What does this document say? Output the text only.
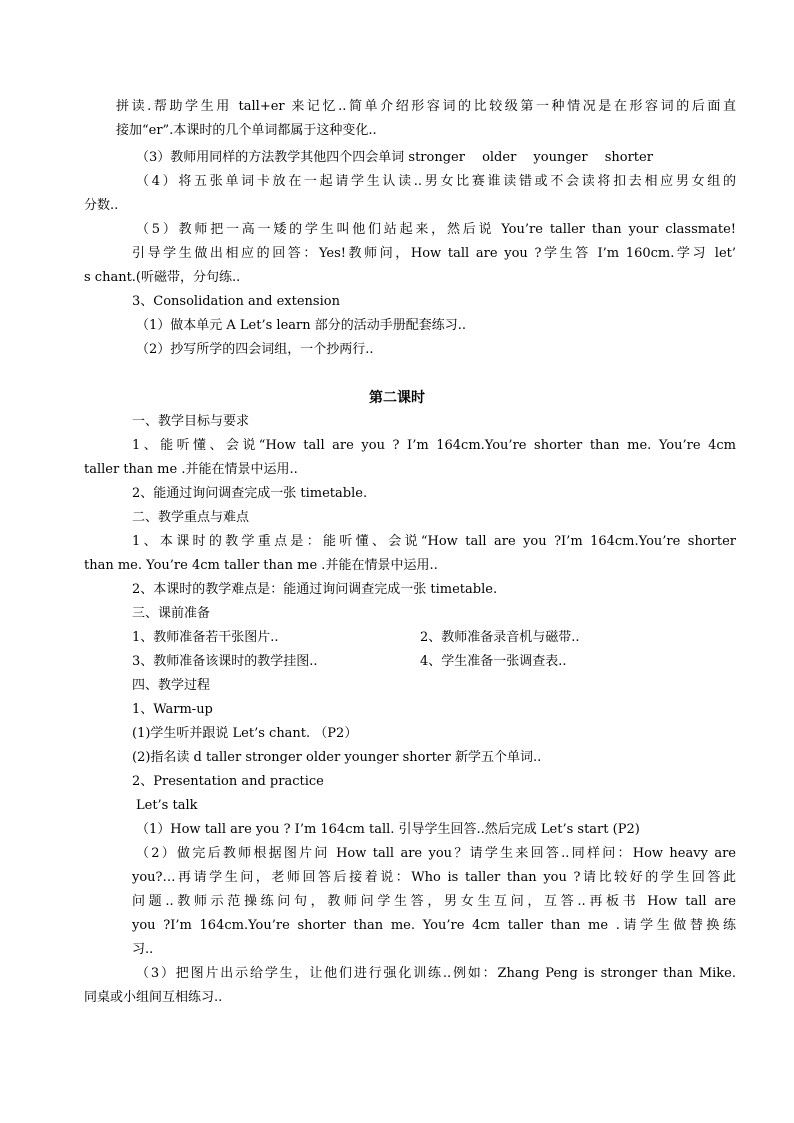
拼读.帮助学生用 tall+er 来记忆..简单介绍形容词的比较级第一种情况是在形容词的后面直
接加“er”.本课时的几个单词都属于这种变化..
（3）教师用同样的方法教学其他四个四会单词 stronger　 older　 younger　 shorter
（4）将五张单词卡放在一起请学生认读..男女比赛谁读错或不会读将扣去相应男女组的
分数..
（5）教师把一高一矮的学生叫他们站起来，然后说 You’re taller than your classmate!
引导学生做出相应的回答：Yes!教师问，How tall are you ?学生答 I’m 160cm.学习 let’
s chant.(听磁带，分句练..
3、Consolidation and extension
（1）做本单元 A Let’s learn 部分的活动手册配套练习..
（2）抄写所学的四会词组，一个抄两行..
第二课时
一、教学目标与要求
1、能听懂、会说“How tall are you ? I’m 164cm.You’re shorter than me. You’re 4cm
taller than me .并能在情景中运用..
2、能通过询问调查完成一张 timetable.
二、教学重点与难点
1、本课时的教学重点是：能听懂、会说“How tall are you ?I’m 164cm.You’re shorter
than me. You’re 4cm taller than me .并能在情景中运用..
2、本课时的教学难点是：能通过询问调查完成一张 timetable.
三、课前准备
1、教师准备若干张图片..	2、教师准备录音机与磁带..
3、教师准备该课时的教学挂图..	4、学生准备一张调查表..
四、教学过程
1、Warm-up
(1)学生听并跟说 Let’s chant. （P2）
(2)指名读 d taller stronger older younger shorter 新学五个单词..
2、Presentation and practice
Let’s talk
（1）How tall are you ? I’m 164cm tall. 引导学生回答..然后完成 Let’s start (P2)
（2）做完后教师根据图片问 How tall are you？请学生来回答..同样问：How heavy are
you?…再请学生问，老师回答后接着说：Who is taller than you ?请比较好的学生回答此
问题..教师示范操练问句，教师问学生答，男女生互问，互答..再板书 How tall are
you ?I’m 164cm.You’re shorter than me. You’re 4cm taller than me .请学生做替换练
习..
（3）把图片出示给学生，让他们进行强化训练..例如：Zhang Peng is stronger than Mike.
同桌或小组间互相练习..
